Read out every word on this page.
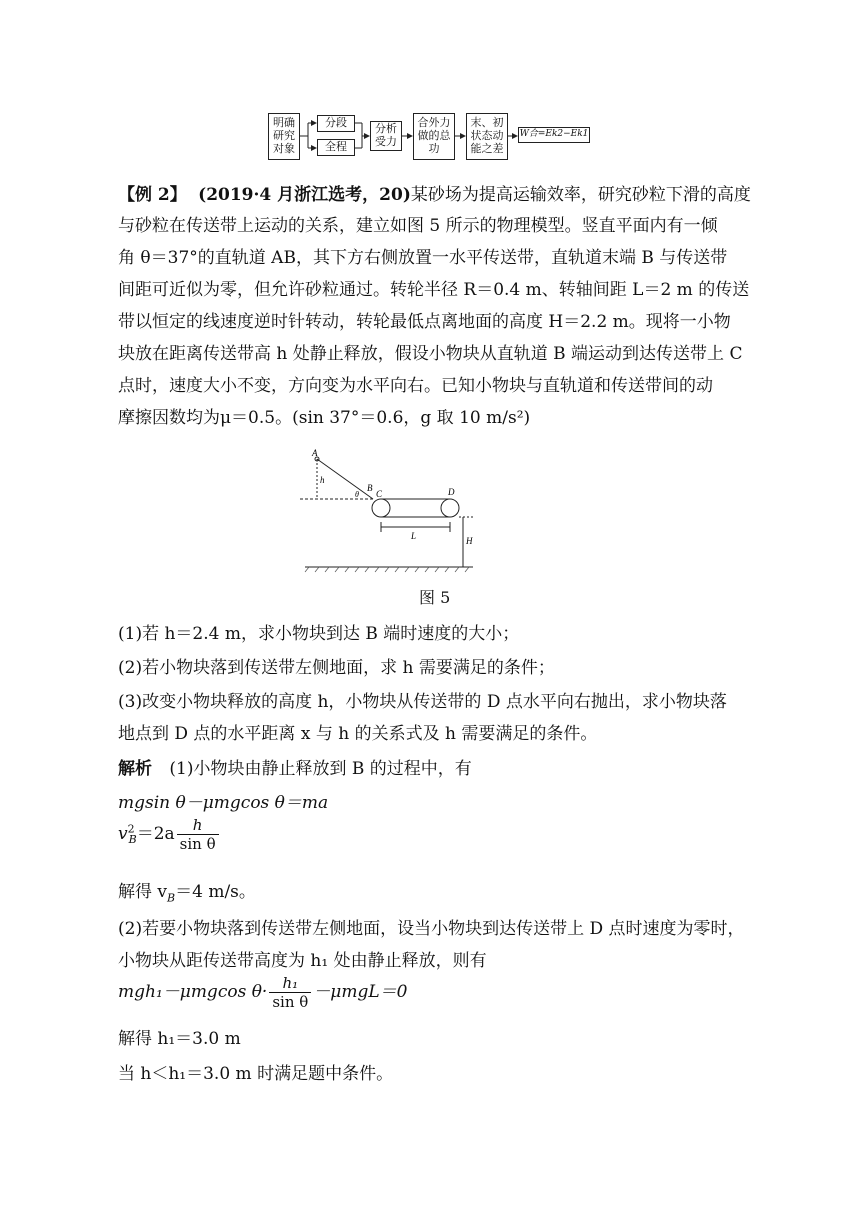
明确研究对象
分段
全程
分析受力
合外力做的总功
末、初状态动能之差
W合=Ek2−Ek1
【例 2】 (2019·4 月浙江选考，20)某砂场为提高运输效率，研究砂粒下滑的高度
与砂粒在传送带上运动的关系，建立如图 5 所示的物理模型。竖直平面内有一倾
角 θ＝37°的直轨道 AB，其下方右侧放置一水平传送带，直轨道末端 B 与传送带
间距可近似为零，但允许砂粒通过。转轮半径 R＝0.4 m、转轴间距 L＝2 m 的传送
带以恒定的线速度逆时针转动，转轮最低点离地面的高度 H＝2.2 m。现将一小物
块放在距离传送带高 h 处静止释放，假设小物块从直轨道 B 端运动到达传送带上 C
点时，速度大小不变，方向变为水平向右。已知小物块与直轨道和传送带间的动
摩擦因数均为μ＝0.5。(sin 37°＝0.6，g 取 10 m/s²)
A
h
θ
B
C	D
L	H
图 5
(1)若 h＝2.4 m，求小物块到达 B 端时速度的大小；
(2)若小物块落到传送带左侧地面，求 h 需要满足的条件；
(3)改变小物块释放的高度 h，小物块从传送带的 D 点水平向右抛出，求小物块落
地点到 D 点的水平距离 x 与 h 的关系式及 h 需要满足的条件。
解析 (1)小物块由静止释放到 B 的过程中，有
mgsin θ－μmgcos θ＝ma
$v^2_B=2a \frac{h}{\text{sin θ}}$
解得 $v_B=4$ m/s。
(2)若要小物块落到传送带左侧地面，设当小物块到达传送带上 D 点时速度为零时，
小物块从距传送带高度为 h₁ 处由静止释放，则有
mgh₁－μmgcos $\theta\cdot \frac{\text{h₁}}{\text{sin θ}} -\mu mgL=0$
解得 h₁＝3.0 m
当 h＜h₁＝3.0 m 时满足题中条件。
